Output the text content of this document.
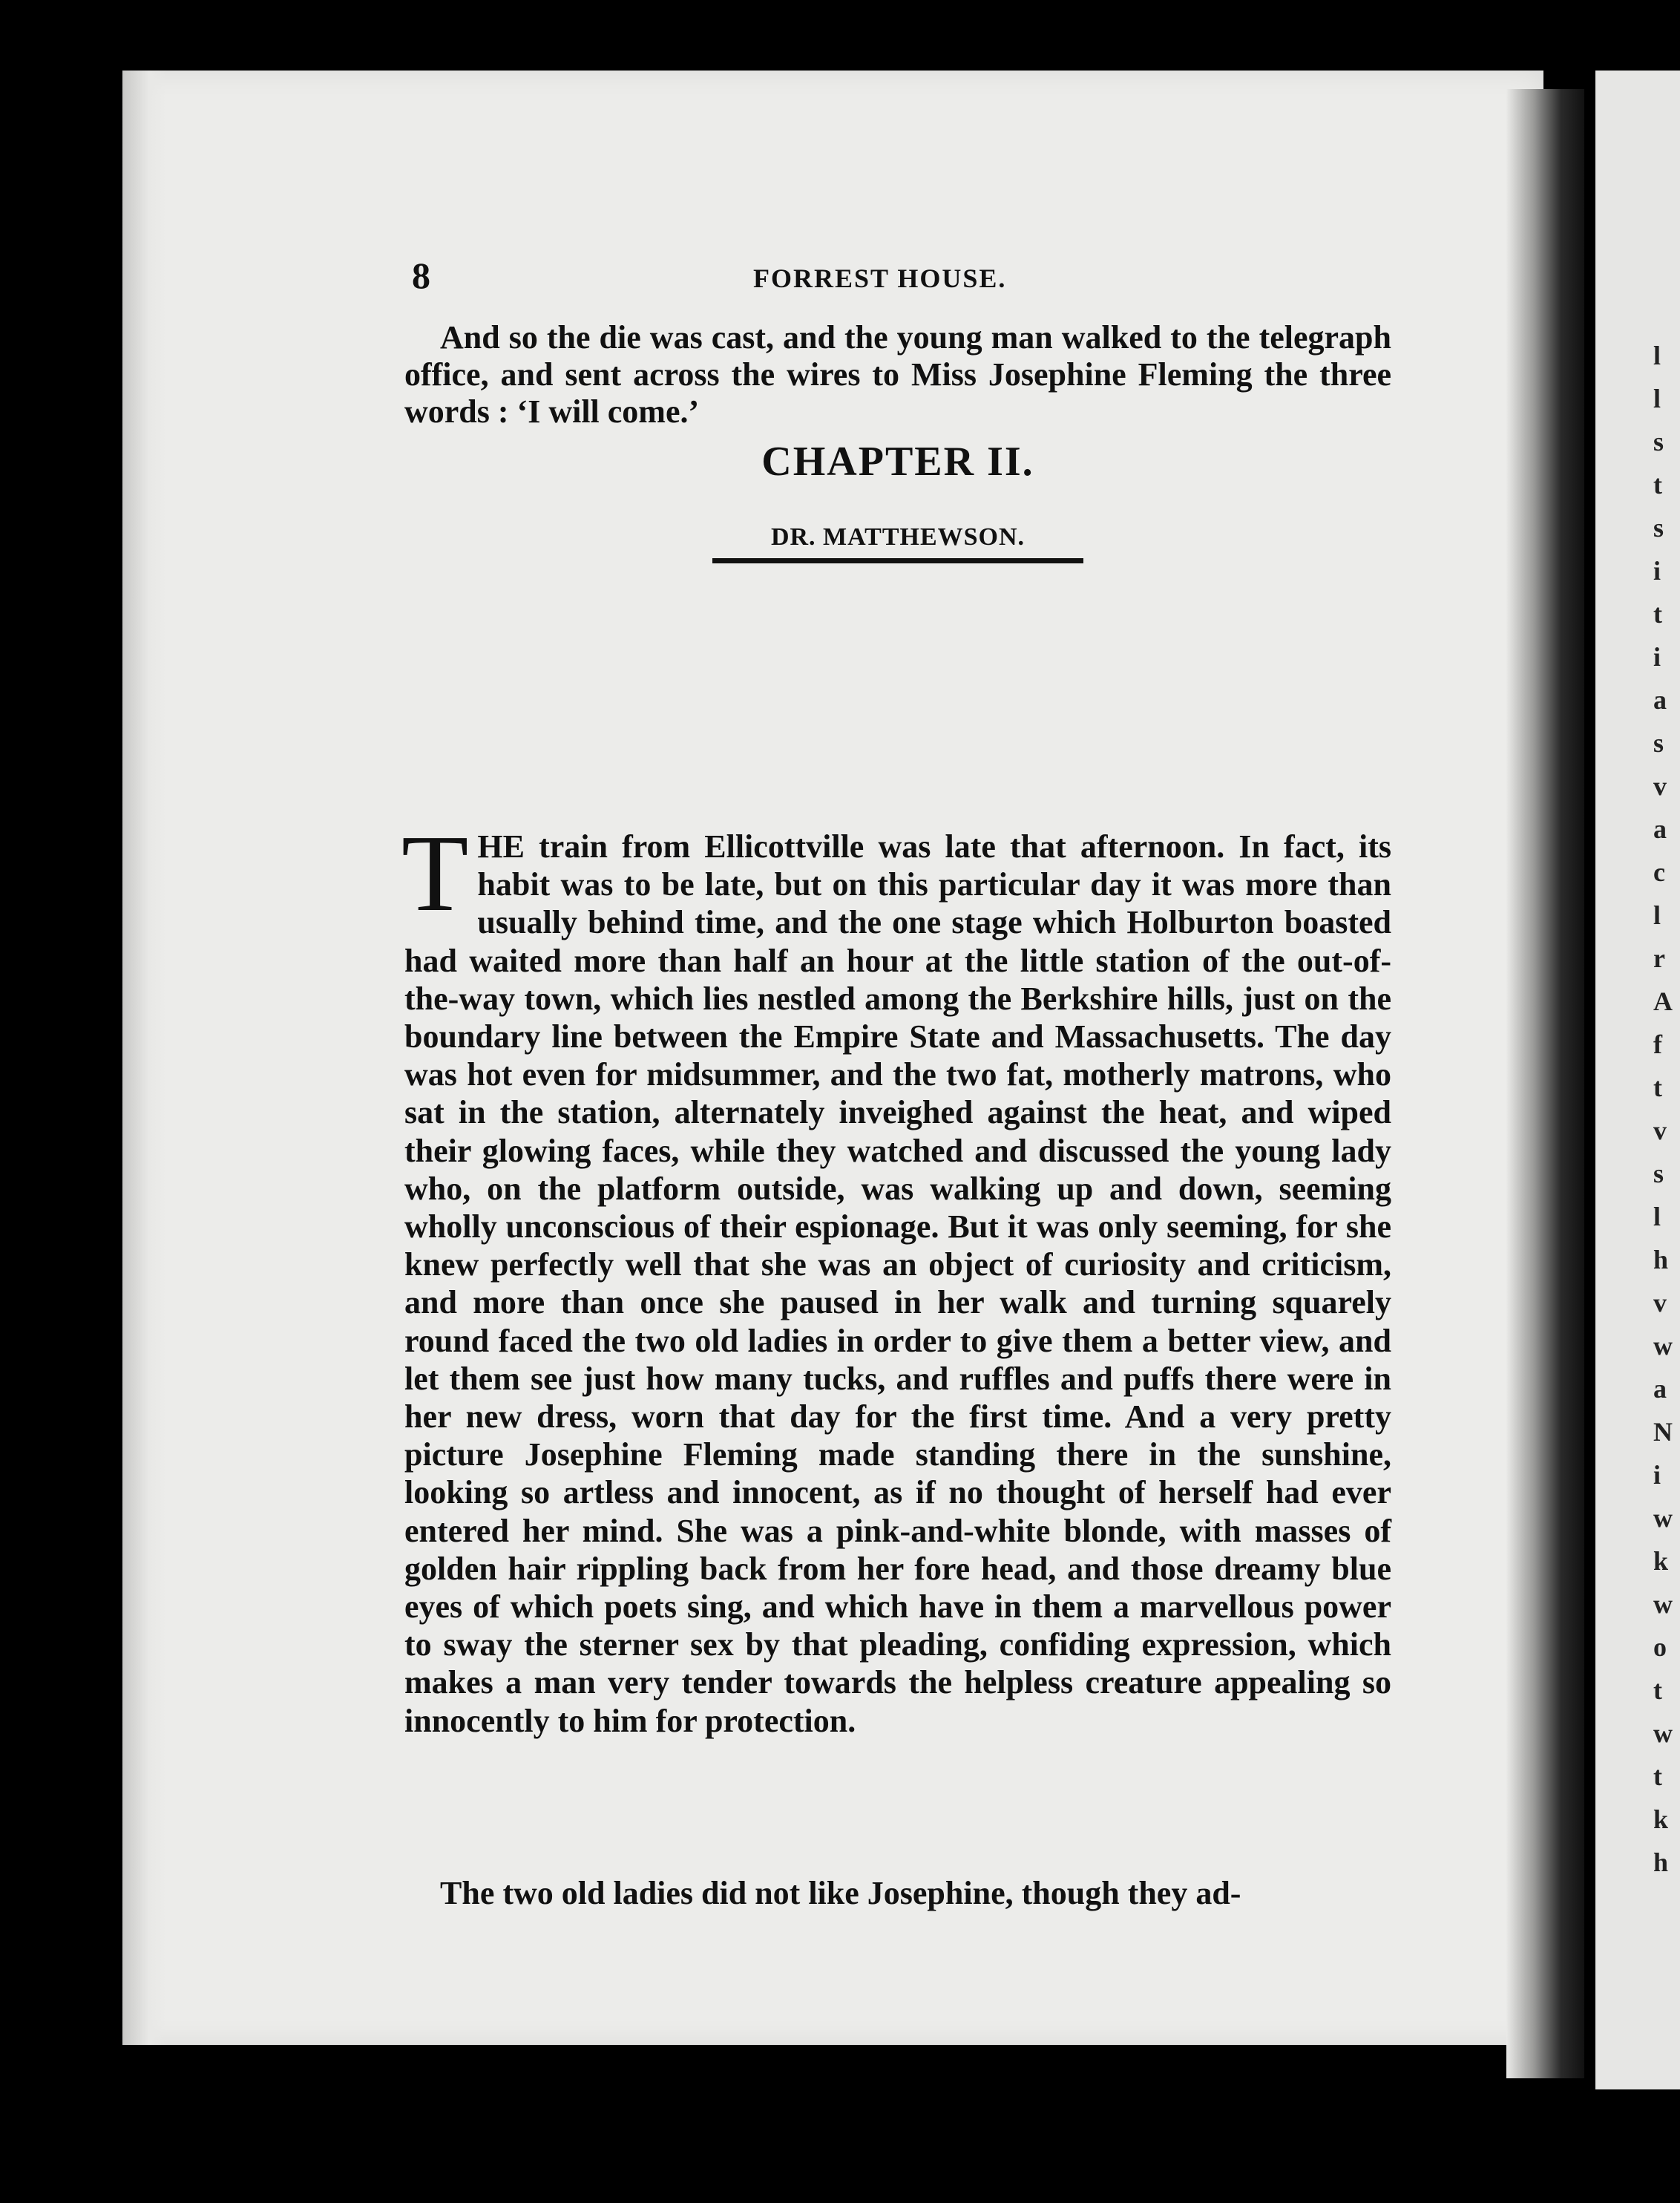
l
l
s
t
s
i
t
i
a
s
v
a
c
l
r
A
f
t
v
s
l
h
v
w
a
N
i
w
k
w
o
t
w
t
k
h
8	FORREST HOUSE.

And so the die was cast, and the young man walked to the telegraph office, and sent across the wires to Miss Josephine Fleming the three words : ‘I will come.’

CHAPTER II.
DR. MATTHEWSON.

THE train from Ellicottville was late that afternoon. In fact, its habit was to be late, but on this particular day it was more than usually behind time, and the one stage which Holburton boasted had waited more than half an hour at the little station of the out-of-the-way town, which lies nestled among the Berkshire hills, just on the boundary line between the Empire State and Massachusetts. The day was hot even for midsummer, and the two fat, motherly matrons, who sat in the station, alternately inveighed against the heat, and wiped their glowing faces, while they watched and discussed the young lady who, on the platform outside, was walking up and down, seeming wholly unconscious of their espionage. But it was only seeming, for she knew perfectly well that she was an object of curiosity and criticism, and more than once she paused in her walk and turning squarely round faced the two old ladies in order to give them a better view, and let them see just how many tucks, and ruffles and puffs there were in her new dress, worn that day for the first time. And a very pretty picture Josephine Fleming made standing there in the sunshine, looking so artless and innocent, as if no thought of herself had ever entered her mind. She was a pink-and-white blonde, with masses of golden hair rippling back from her fore head, and those dreamy blue eyes of which poets sing, and which have in them a marvellous power to sway the sterner sex by that pleading, confiding expression, which makes a man very tender towards the helpless creature appealing so innocently to him for protection.

The two old ladies did not like Josephine, though they ad-
